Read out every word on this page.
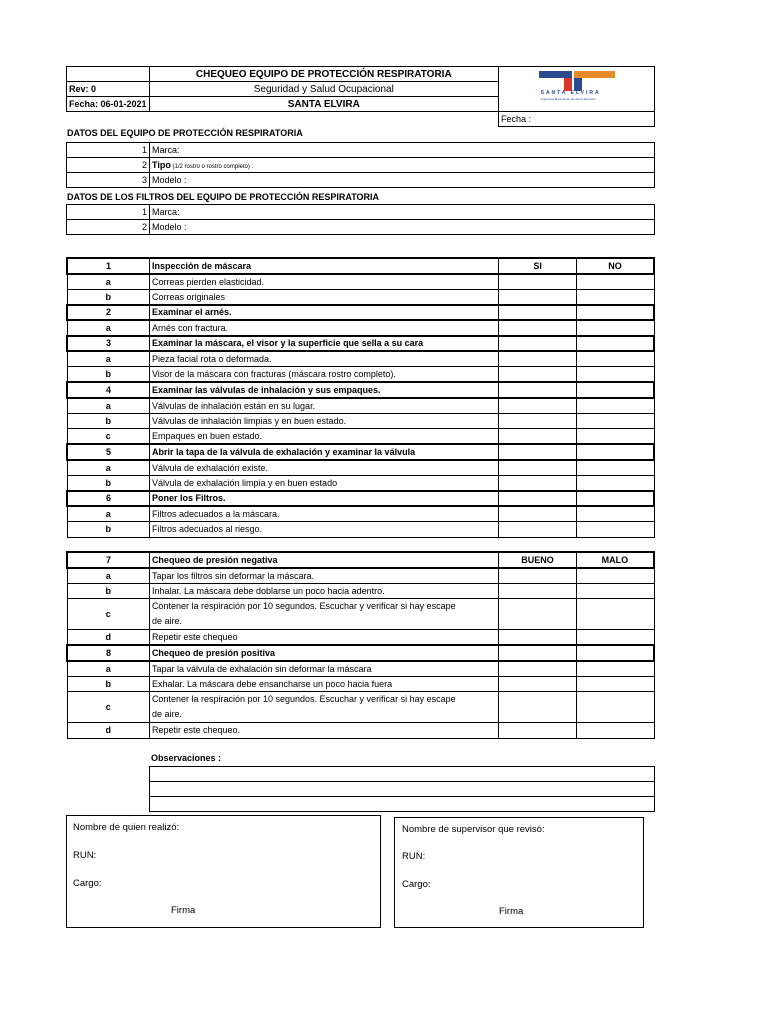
	CHEQUEO EQUIPO DE PROTECCIÓN RESPIRATORIA	SANTA ELVIRA
Ingeniería Movimiento de Tierra Servicios

Rev: 0	Seguridad y Salud Ocupacional	
Fecha: 06-01-2021	SANTA ELVIRA	
Fecha :
DATOS DEL EQUIPO DE PROTECCIÓN RESPIRATORIA
1	Marca:
2	Tipo (1/2 rostro o rostro completo) :
3	Modelo :
DATOS DE LOS FILTROS DEL EQUIPO DE PROTECCIÓN RESPIRATORIA
1	Marca:
2	Modelo :
1	Inspección de máscara	SI	NO
a	Correas pierden elasticidad.		
b	Correas originales		
2	Examinar el arnés.		
a	Arnés con fractura.		
3	Examinar la máscara, el visor y la superficie que sella a su cara		
a	Pieza facial rota o deformada.		
b	Visor de la máscara con fracturas (máscara rostro completo).		
4	Examinar las válvulas de inhalación y sus empaques.		
a	Válvulas de inhalación están en su lugar.		
b	Válvulas de inhalación limpias y en buen estado.		
c	Empaques en buen estado.		
5	Abrir la tapa de la válvula de exhalación y examinar la válvula		
a	Válvula de exhalación existe.		
b	Válvula de exhalación limpia y en buen estado		
6	Poner los Filtros.		
a	Filtros adecuados a la máscara.		
b	Filtros adecuados al riesgo.		
7	Chequeo de presión negativa	BUENO	MALO
a	Tapar los filtros sin deformar la máscara.		
b	Inhalar. La máscara debe doblarse un poco hacia adentro.		
c	Contener la respiración por 10 segundos. Escuchar y verificar si hay escape
de aire.		

d	Repetir este chequeo		
8	Chequeo de presión positiva		
a	Tapar la válvula de exhalación sin deformar la máscara		
b	Exhalar. La máscara debe ensancharse un poco hacia fuera		
c	Contener la respiración por 10 segundos. Escuchar y verificar si hay escape
de aire.		

d	Repetir este chequeo.		
Observaciones :

Nombre de quien realizó:
RUN:
Cargo:
Firma
Nombre de supervisor que revisó:
RUN:
Cargo:
Firma
